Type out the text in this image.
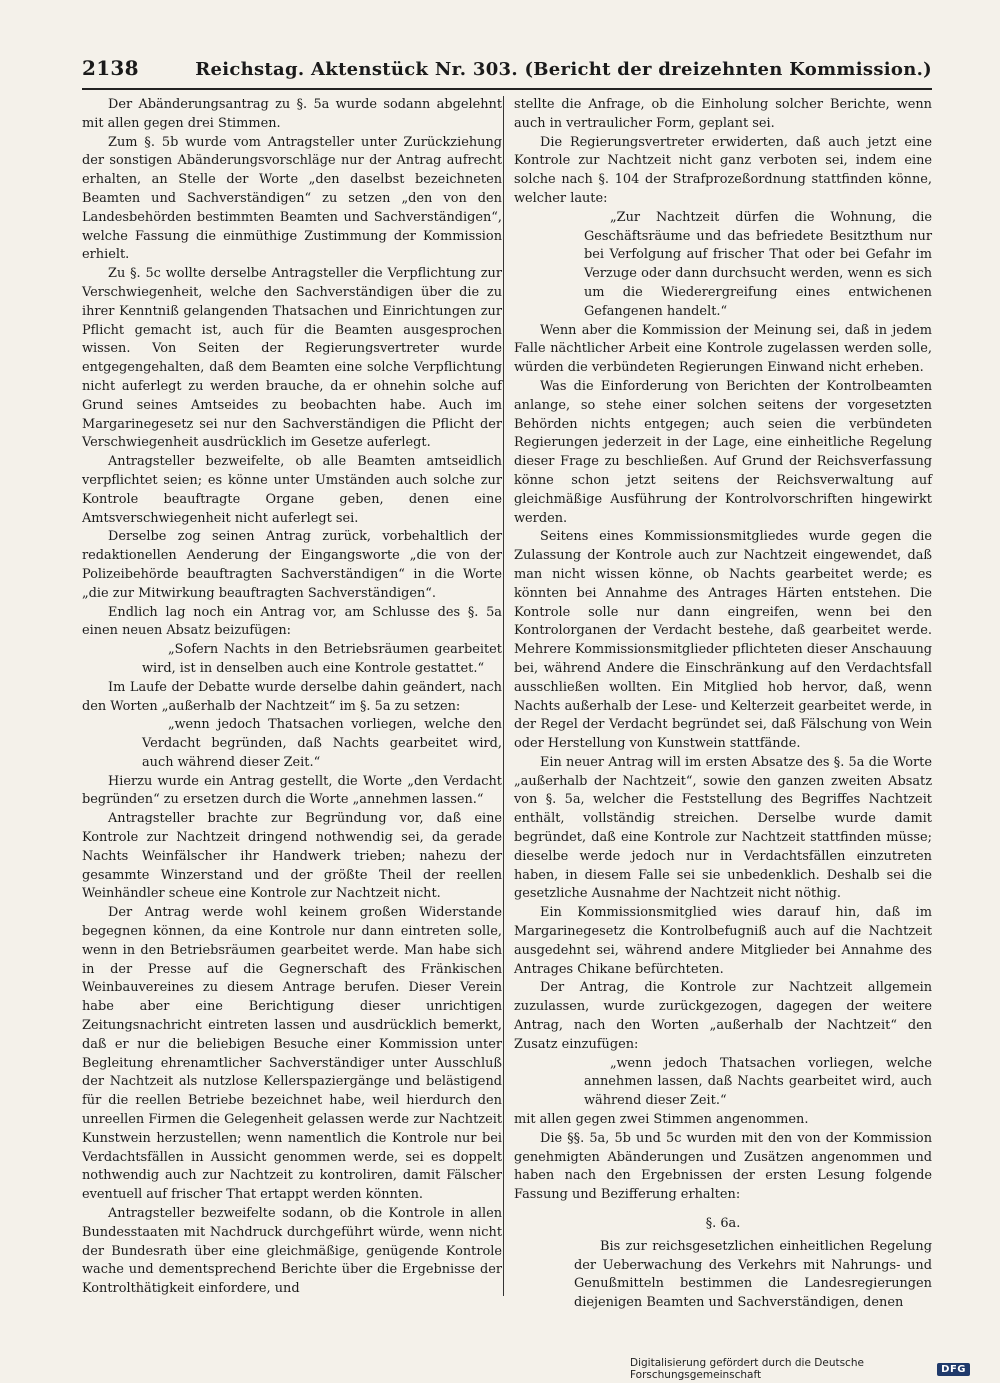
2138	Reichstag. Aktenstück Nr. 303. (Bericht der dreizehnten Kommission.)

Der Abänderungsantrag zu §. 5a wurde sodann abgelehnt mit allen gegen drei Stimmen.

Zum §. 5b wurde vom Antragsteller unter Zurückziehung der sonstigen Abänderungsvorschläge nur der Antrag aufrecht erhalten, an Stelle der Worte „den daselbst bezeichneten Beamten und Sachverständigen“ zu setzen „den von den Landesbehörden bestimmten Beamten und Sachverständigen“, welche Fassung die einmüthige Zustimmung der Kommission erhielt.

Zu §. 5c wollte derselbe Antragsteller die Verpflichtung zur Verschwiegenheit, welche den Sachverständigen über die zu ihrer Kenntniß gelangenden Thatsachen und Einrichtungen zur Pflicht gemacht ist, auch für die Beamten ausgesprochen wissen. Von Seiten der Regierungsvertreter wurde entgegengehalten, daß dem Beamten eine solche Verpflichtung nicht auferlegt zu werden brauche, da er ohnehin solche auf Grund seines Amtseides zu beobachten habe. Auch im Margarinegesetz sei nur den Sachverständigen die Pflicht der Verschwiegenheit ausdrücklich im Gesetze auferlegt.

Antragsteller bezweifelte, ob alle Beamten amtseidlich verpflichtet seien; es könne unter Umständen auch solche zur Kontrole beauftragte Organe geben, denen eine Amtsverschwiegenheit nicht auferlegt sei.

Derselbe zog seinen Antrag zurück, vorbehaltlich der redaktionellen Aenderung der Eingangsworte „die von der Polizeibehörde beauftragten Sachverständigen“ in die Worte „die zur Mitwirkung beauftragten Sachverständigen“.

Endlich lag noch ein Antrag vor, am Schlusse des §. 5a einen neuen Absatz beizufügen:

„Sofern Nachts in den Betriebsräumen gearbeitet wird, ist in denselben auch eine Kontrole gestattet.“

Im Laufe der Debatte wurde derselbe dahin geändert, nach den Worten „außerhalb der Nachtzeit“ im §. 5a zu setzen:

„wenn jedoch Thatsachen vorliegen, welche den Verdacht begründen, daß Nachts gearbeitet wird, auch während dieser Zeit.“

Hierzu wurde ein Antrag gestellt, die Worte „den Verdacht begründen“ zu ersetzen durch die Worte „annehmen lassen.“

Antragsteller brachte zur Begründung vor, daß eine Kontrole zur Nachtzeit dringend nothwendig sei, da gerade Nachts Weinfälscher ihr Handwerk trieben; nahezu der gesammte Winzerstand und der größte Theil der reellen Weinhändler scheue eine Kontrole zur Nachtzeit nicht.

Der Antrag werde wohl keinem großen Widerstande begegnen können, da eine Kontrole nur dann eintreten solle, wenn in den Betriebsräumen gearbeitet werde. Man habe sich in der Presse auf die Gegnerschaft des Fränkischen Weinbauvereines zu diesem Antrage berufen. Dieser Verein habe aber eine Berichtigung dieser unrichtigen Zeitungsnachricht eintreten lassen und ausdrücklich bemerkt, daß er nur die beliebigen Besuche einer Kommission unter Begleitung ehrenamtlicher Sachverständiger unter Ausschluß der Nachtzeit als nutzlose Kellerspaziergänge und belästigend für die reellen Betriebe bezeichnet habe, weil hierdurch den unreellen Firmen die Gelegenheit gelassen werde zur Nachtzeit Kunstwein herzustellen; wenn namentlich die Kontrole nur bei Verdachtsfällen in Aussicht genommen werde, sei es doppelt nothwendig auch zur Nachtzeit zu kontroliren, damit Fälscher eventuell auf frischer That ertappt werden könnten.

Antragsteller bezweifelte sodann, ob die Kontrole in allen Bundesstaaten mit Nachdruck durchgeführt würde, wenn nicht der Bundesrath über eine gleichmäßige, genügende Kontrole wache und dementsprechend Berichte über die Ergebnisse der Kontrolthätigkeit einfordere, und

stellte die Anfrage, ob die Einholung solcher Berichte, wenn auch in vertraulicher Form, geplant sei.

Die Regierungsvertreter erwiderten, daß auch jetzt eine Kontrole zur Nachtzeit nicht ganz verboten sei, indem eine solche nach §. 104 der Strafprozeßordnung stattfinden könne, welcher laute:

„Zur Nachtzeit dürfen die Wohnung, die Geschäftsräume und das befriedete Besitzthum nur bei Verfolgung auf frischer That oder bei Gefahr im Verzuge oder dann durchsucht werden, wenn es sich um die Wiederergreifung eines entwichenen Gefangenen handelt.“

Wenn aber die Kommission der Meinung sei, daß in jedem Falle nächtlicher Arbeit eine Kontrole zugelassen werden solle, würden die verbündeten Regierungen Einwand nicht erheben.

Was die Einforderung von Berichten der Kontrolbeamten anlange, so stehe einer solchen seitens der vorgesetzten Behörden nichts entgegen; auch seien die verbündeten Regierungen jederzeit in der Lage, eine einheitliche Regelung dieser Frage zu beschließen. Auf Grund der Reichsverfassung könne schon jetzt seitens der Reichsverwaltung auf gleichmäßige Ausführung der Kontrolvorschriften hingewirkt werden.

Seitens eines Kommissionsmitgliedes wurde gegen die Zulassung der Kontrole auch zur Nachtzeit eingewendet, daß man nicht wissen könne, ob Nachts gearbeitet werde; es könnten bei Annahme des Antrages Härten entstehen. Die Kontrole solle nur dann eingreifen, wenn bei den Kontrolorganen der Verdacht bestehe, daß gearbeitet werde. Mehrere Kommissionsmitglieder pflichteten dieser Anschauung bei, während Andere die Einschränkung auf den Verdachtsfall ausschließen wollten. Ein Mitglied hob hervor, daß, wenn Nachts außerhalb der Lese- und Kelterzeit gearbeitet werde, in der Regel der Verdacht begründet sei, daß Fälschung von Wein oder Herstellung von Kunstwein stattfände.

Ein neuer Antrag will im ersten Absatze des §. 5a die Worte „außerhalb der Nachtzeit“, sowie den ganzen zweiten Absatz von §. 5a, welcher die Feststellung des Begriffes Nachtzeit enthält, vollständig streichen. Derselbe wurde damit begründet, daß eine Kontrole zur Nachtzeit stattfinden müsse; dieselbe werde jedoch nur in Verdachtsfällen einzutreten haben, in diesem Falle sei sie unbedenklich. Deshalb sei die gesetzliche Ausnahme der Nachtzeit nicht nöthig.

Ein Kommissionsmitglied wies darauf hin, daß im Margarinegesetz die Kontrolbefugniß auch auf die Nachtzeit ausgedehnt sei, während andere Mitglieder bei Annahme des Antrages Chikane befürchteten.

Der Antrag, die Kontrole zur Nachtzeit allgemein zuzulassen, wurde zurückgezogen, dagegen der weitere Antrag, nach den Worten „außerhalb der Nachtzeit“ den Zusatz einzufügen:

„wenn jedoch Thatsachen vorliegen, welche annehmen lassen, daß Nachts gearbeitet wird, auch während dieser Zeit.“

mit allen gegen zwei Stimmen angenommen.

Die §§. 5a, 5b und 5c wurden mit den von der Kommission genehmigten Abänderungen und Zusätzen angenommen und haben nach den Ergebnissen der ersten Lesung folgende Fassung und Beziﬀerung erhalten:

§. 6a.

Bis zur reichsgesetzlichen einheitlichen Regelung der Ueberwachung des Verkehrs mit Nahrungs- und Genußmitteln bestimmen die Landesregierungen diejenigen Beamten und Sachverständigen, denen

Digitalisierung gefördert durch die Deutsche Forschungsgemeinschaft	DFG
